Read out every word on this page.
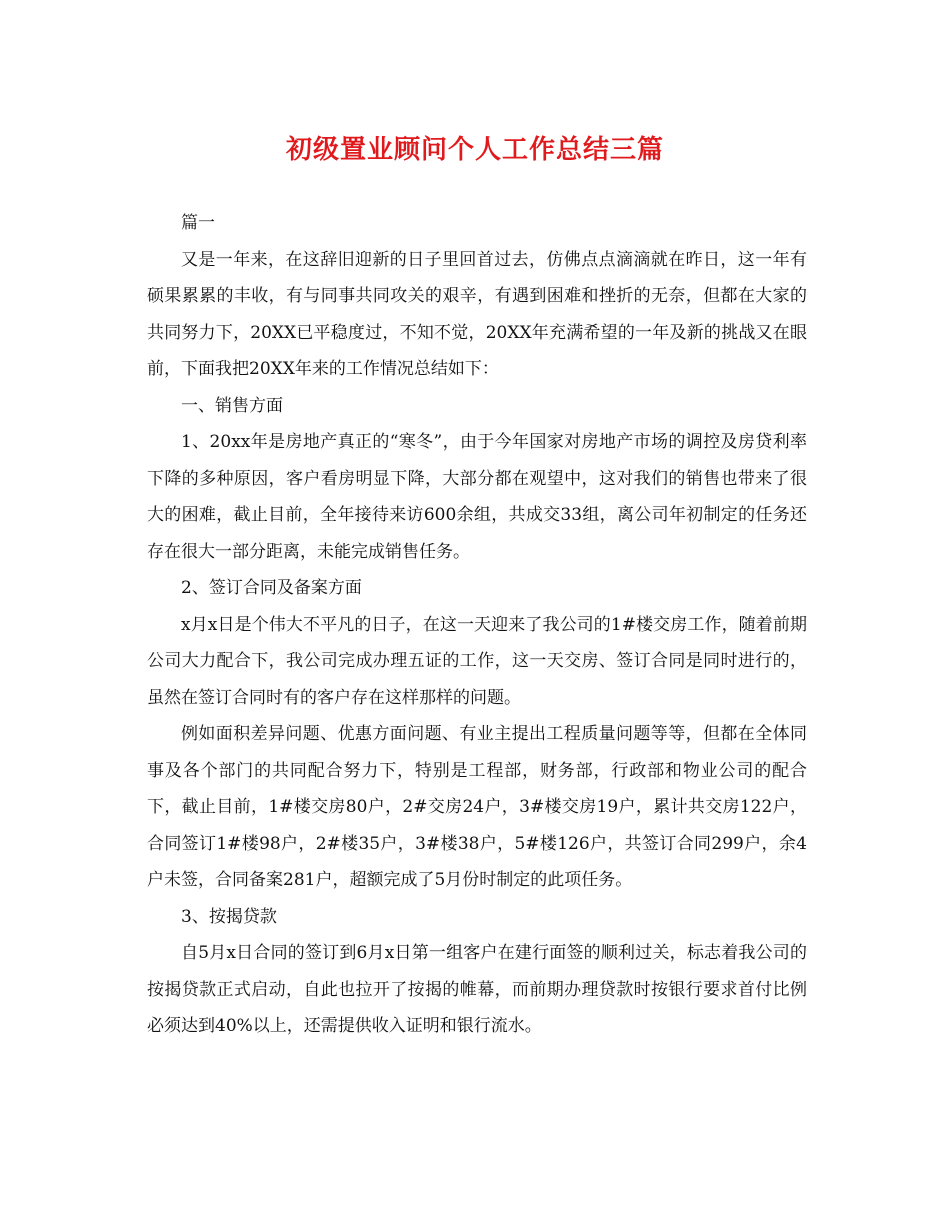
初级置业顾问个人工作总结三篇

篇一

又是一年来，在这辞旧迎新的日子里回首过去，仿佛点点滴滴就在昨日，这一年有硕果累累的丰收，有与同事共同攻关的艰辛，有遇到困难和挫折的无奈，但都在大家的共同努力下，20XX已平稳度过，不知不觉，20XX年充满希望的一年及新的挑战又在眼前，下面我把20XX年来的工作情况总结如下：

一、销售方面

1、20xx年是房地产真正的“寒冬”，由于今年国家对房地产市场的调控及房贷利率下降的多种原因，客户看房明显下降，大部分都在观望中，这对我们的销售也带来了很大的困难，截止目前，全年接待来访600余组，共成交33组，离公司年初制定的任务还存在很大一部分距离，未能完成销售任务。

2、签订合同及备案方面

x月x日是个伟大不平凡的日子，在这一天迎来了我公司的1#楼交房工作，随着前期公司大力配合下，我公司完成办理五证的工作，这一天交房、签订合同是同时进行的，虽然在签订合同时有的客户存在这样那样的问题。

例如面积差异问题、优惠方面问题、有业主提出工程质量问题等等，但都在全体同事及各个部门的共同配合努力下，特别是工程部，财务部，行政部和物业公司的配合下，截止目前，1#楼交房80户，2#交房24户，3#楼交房19户，累计共交房122户，合同签订1#楼98户，2#楼35户，3#楼38户，5#楼126户，共签订合同299户，余4户未签，合同备案281户，超额完成了5月份时制定的此项任务。

3、按揭贷款

自5月x日合同的签订到6月x日第一组客户在建行面签的顺利过关，标志着我公司的按揭贷款正式启动，自此也拉开了按揭的帷幕，而前期办理贷款时按银行要求首付比例必须达到40%以上，还需提供收入证明和银行流水。
